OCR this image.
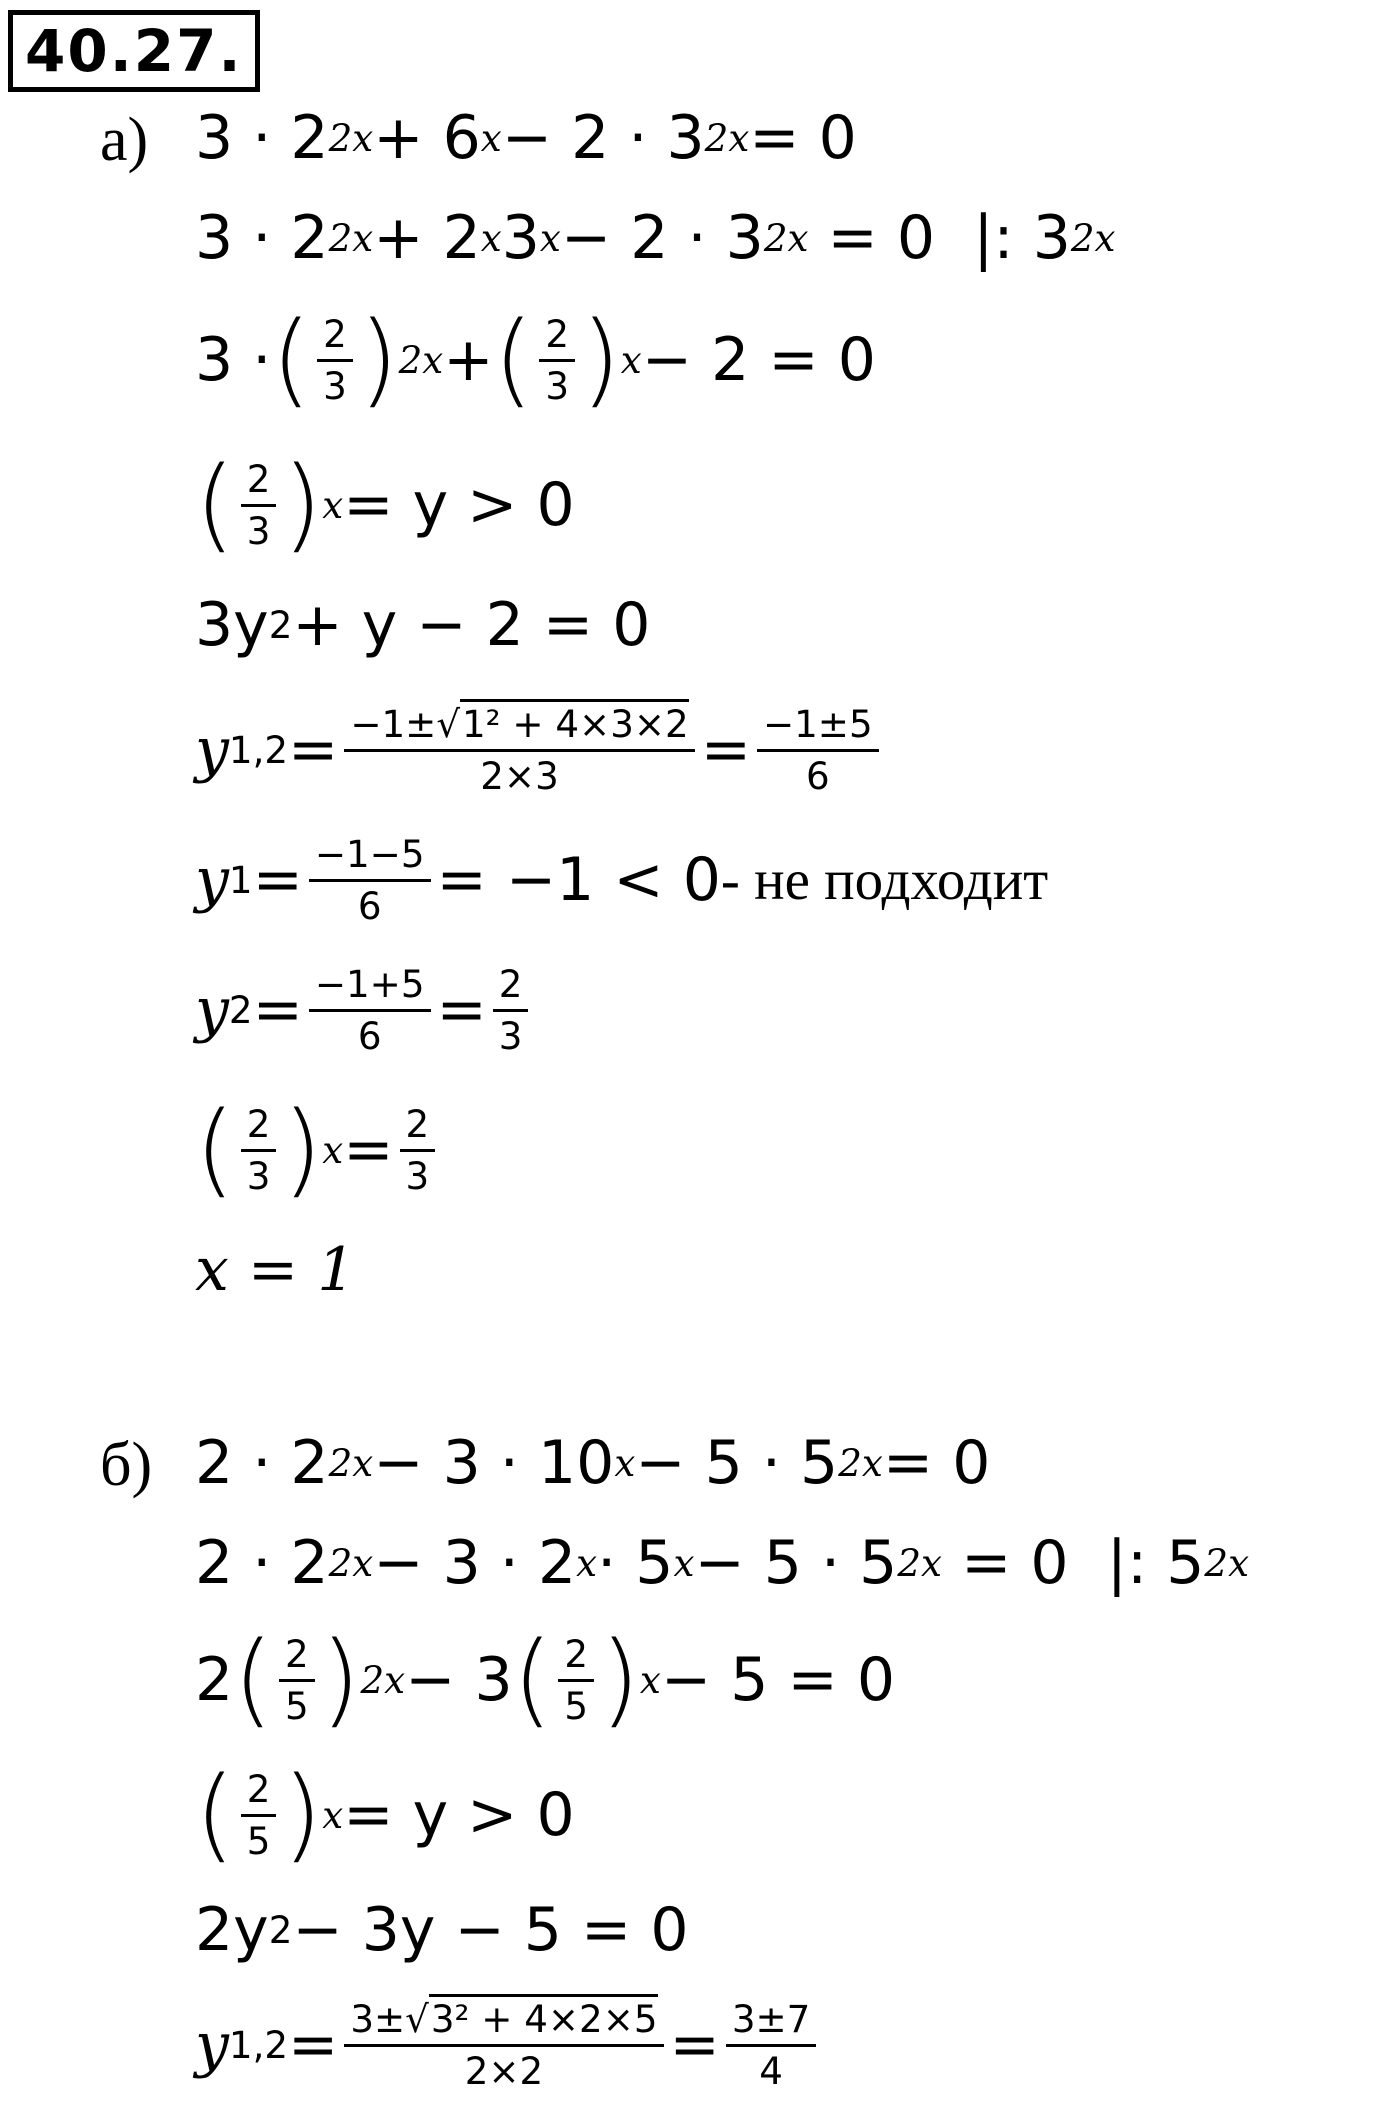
40.27.
а) 3 · 2 2x + 6 x − 2 · 3 2x = 0
3 · 2 2x + 2 x 3 x − 2 · 3 2x = 0  |: 3 2x
3 · ( $\frac{2}{3}$ ) 2x + ( $\frac{2}{3}$ ) x − 2 = 0
( $\frac{2}{3}$ ) x = y > 0
3y 2 + y − 2 = 0
y $1,2 = \frac{\text{−1±√1² + 4×3×2}}{2\times 3} = \frac{-1\pm 5}{6}$
y $1 = \frac{-1-5}{6} = -1 < 0$ - не подходит
y $2 = \frac{-1+5}{6} = \frac{2}{3}$
( $\frac{2}{3}$ ) $x = \frac{2}{3}$
x = 1
б) 2 · 2 2x − 3 · 10 x − 5 · 5 2x = 0
2 · 2 2x − 3 · 2 x · 5 x − 5 · 5 2x = 0  |: 5 2x
2 ( $\frac{2}{5}$ ) 2x − 3 ( $\frac{2}{5}$ ) x − 5 = 0
( $\frac{2}{5}$ ) x = y > 0
2y 2 − 3y − 5 = 0
y $1,2 = \frac{\text{3±√3² + 4×2×5}}{2\times 2} = \frac{3\pm 7}{4}$
